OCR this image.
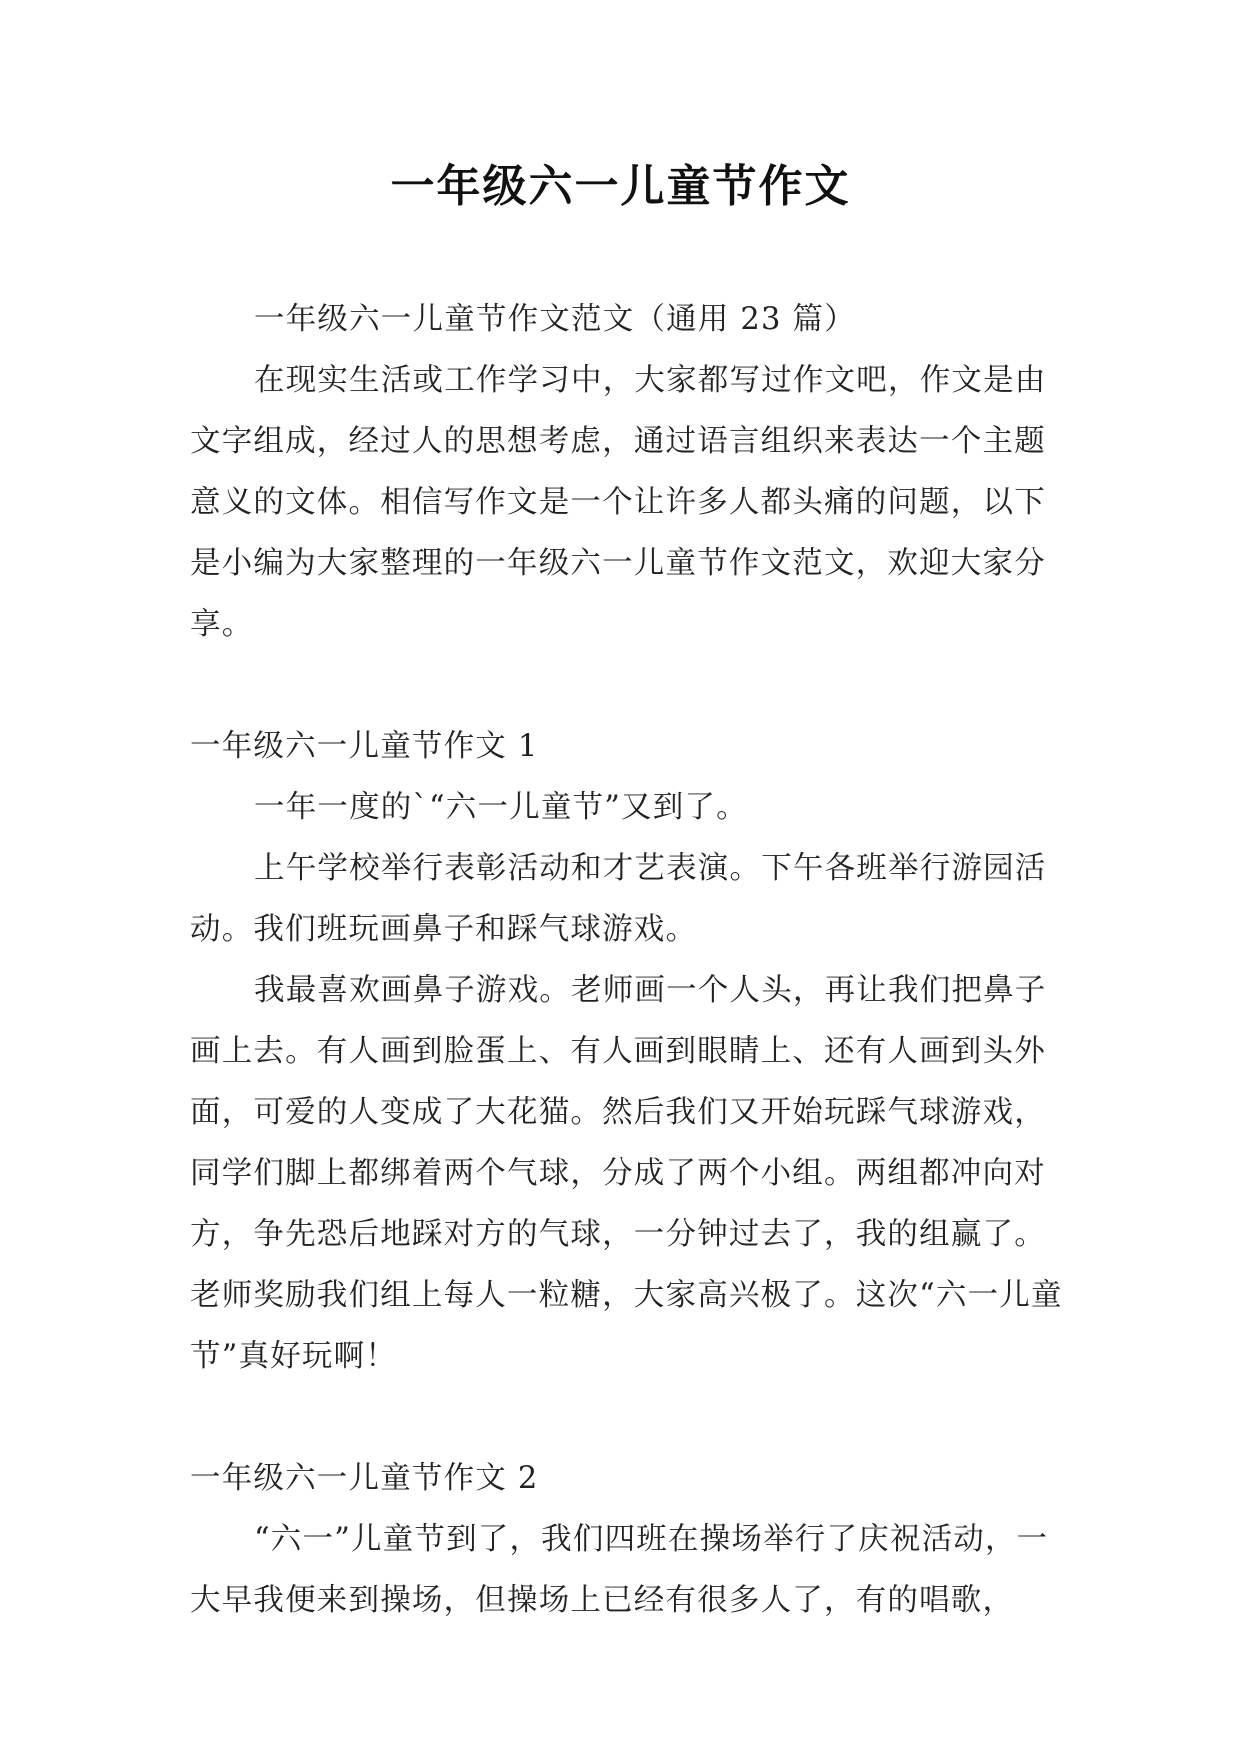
一年级六一儿童节作文

一年级六一儿童节作文范文（通用 23 篇）

在现实生活或工作学习中，大家都写过作文吧，作文是由文字组成，经过人的思想考虑，通过语言组织来表达一个主题意义的文体。相信写作文是一个让许多人都头痛的问题，以下是小编为大家整理的一年级六一儿童节作文范文，欢迎大家分享。

一年级六一儿童节作文 1

一年一度的`“六一儿童节”又到了。

上午学校举行表彰活动和才艺表演。下午各班举行游园活动。我们班玩画鼻子和踩气球游戏。

我最喜欢画鼻子游戏。老师画一个人头，再让我们把鼻子画上去。有人画到脸蛋上、有人画到眼睛上、还有人画到头外面，可爱的人变成了大花猫。然后我们又开始玩踩气球游戏，同学们脚上都绑着两个气球，分成了两个小组。两组都冲向对方，争先恐后地踩对方的气球，一分钟过去了，我的组赢了。老师奖励我们组上每人一粒糖，大家高兴极了。这次“六一儿童节”真好玩啊！

一年级六一儿童节作文 2

“六一”儿童节到了，我们四班在操场举行了庆祝活动，一大早我便来到操场，但操场上已经有很多人了，有的唱歌，
